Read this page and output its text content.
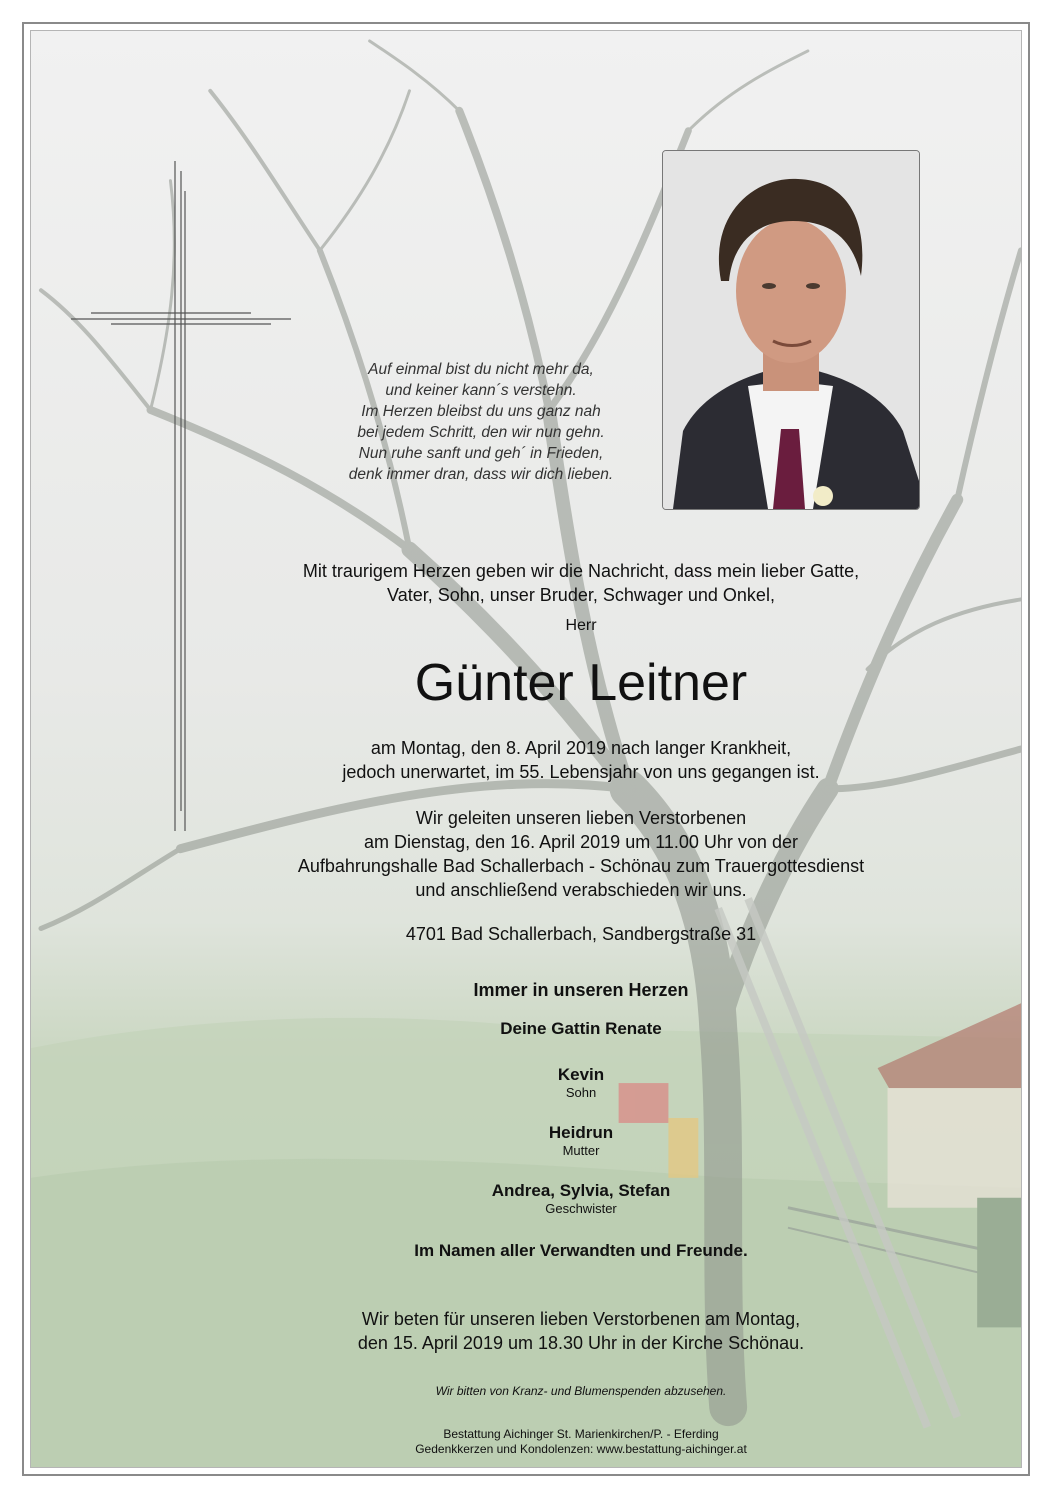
Auf einmal bist du nicht mehr da,
und keiner kann´s verstehn.
Im Herzen bleibst du uns ganz nah
bei jedem Schritt, den wir nun gehn.
Nun ruhe sanft und geh´ in Frieden,
denk immer dran, dass wir dich lieben.
Mit traurigem Herzen geben wir die Nachricht, dass mein lieber Gatte,
Vater, Sohn, unser Bruder, Schwager und Onkel,
Herr
Günter Leitner
am Montag, den 8. April 2019 nach langer Krankheit,
jedoch unerwartet, im 55. Lebensjahr von uns gegangen ist.
Wir geleiten unseren lieben Verstorbenen
am Dienstag, den 16. April 2019 um 11.00 Uhr von der
Aufbahrungshalle Bad Schallerbach - Schönau zum Trauergottesdienst
und anschließend verabschieden wir uns.
4701 Bad Schallerbach, Sandbergstraße 31
Immer in unseren Herzen
Deine Gattin Renate
Kevin
Sohn
Heidrun
Mutter
Andrea, Sylvia, Stefan
Geschwister
Im Namen aller Verwandten und Freunde.
Wir beten für unseren lieben Verstorbenen am Montag,
den 15. April 2019 um 18.30 Uhr in der Kirche Schönau.
Wir bitten von Kranz- und Blumenspenden abzusehen.
Bestattung Aichinger St. Marienkirchen/P. - Eferding
Gedenkkerzen und Kondolenzen: www.bestattung-aichinger.at
